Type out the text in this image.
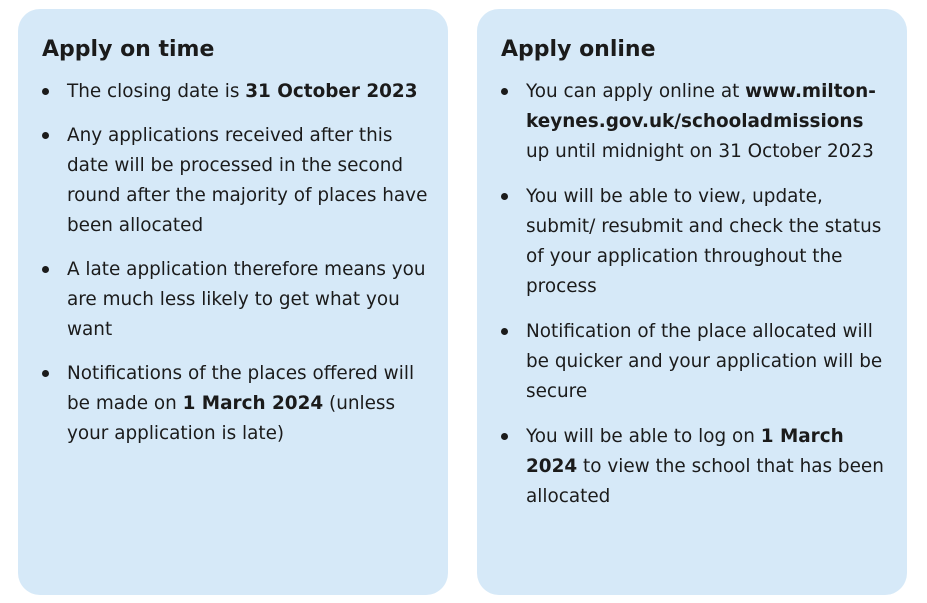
Apply on time
The closing date is 31 October 2023
Any applications received after this date will be processed in the second round after the majority of places have been allocated
A late application therefore means you are much less likely to get what you want
Notifications of the places offered will be made on 1 March 2024 (unless your application is late)
Apply online
You can apply online at www.milton-keynes.gov.uk/schooladmissions  up until midnight on 31 October 2023
You will be able to view, update, submit/ resubmit and check the status of your application throughout the process
Notification of the place allocated will be quicker and your application will be secure
You will be able to log on 1 March 2024 to view the school that has been allocated
